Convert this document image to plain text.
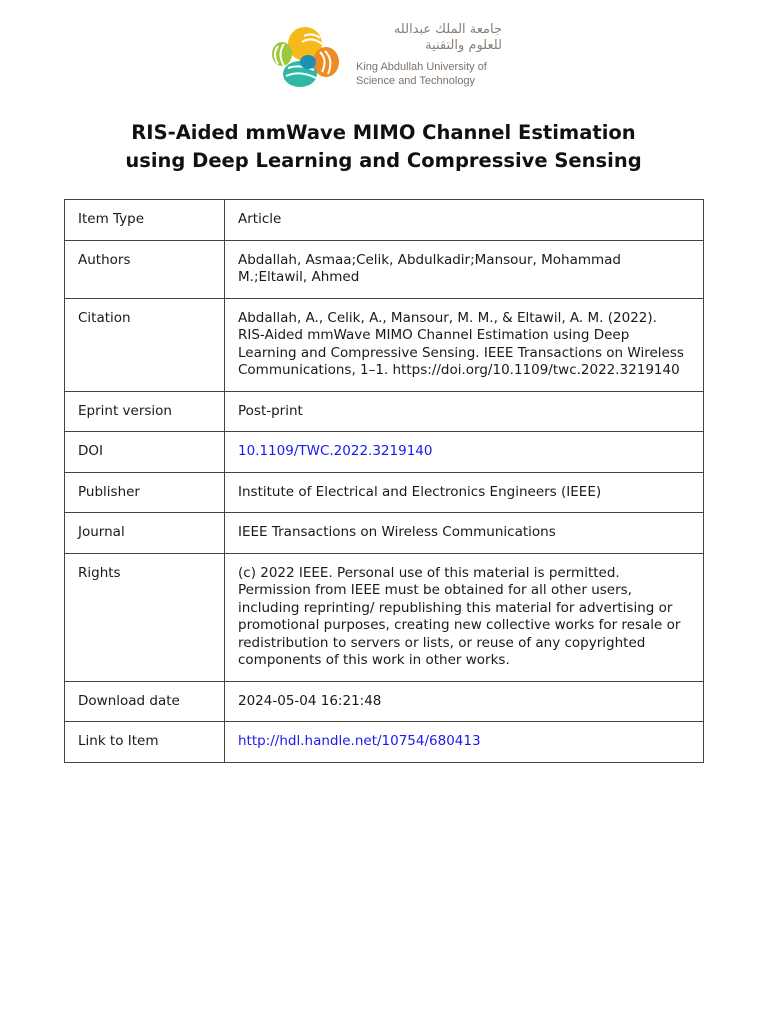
جامعة الملك عبدالله
للعلوم والتقنية
King Abdullah University of
Science and Technology
RIS-Aided mmWave MIMO Channel Estimation
using Deep Learning and Compressive Sensing
Item Type	Article
Authors	Abdallah, Asmaa;Celik, Abdulkadir;Mansour, Mohammad M.;Eltawil, Ahmed
Citation	Abdallah, A., Celik, A., Mansour, M. M., & Eltawil, A. M. (2022). RIS-Aided mmWave MIMO Channel Estimation using Deep Learning and Compressive Sensing. IEEE Transactions on Wireless Communications, 1–1. https://doi.org/10.1109/twc.2022.3219140
Eprint version	Post-print
DOI	10.1109/TWC.2022.3219140
Publisher	Institute of Electrical and Electronics Engineers (IEEE)
Journal	IEEE Transactions on Wireless Communications
Rights	(c) 2022 IEEE. Personal use of this material is permitted. Permission from IEEE must be obtained for all other users, including reprinting/ republishing this material for advertising or promotional purposes, creating new collective works for resale or redistribution to servers or lists, or reuse of any copyrighted components of this work in other works.
Download date	2024-05-04 16:21:48
Link to Item	http://hdl.handle.net/10754/680413
